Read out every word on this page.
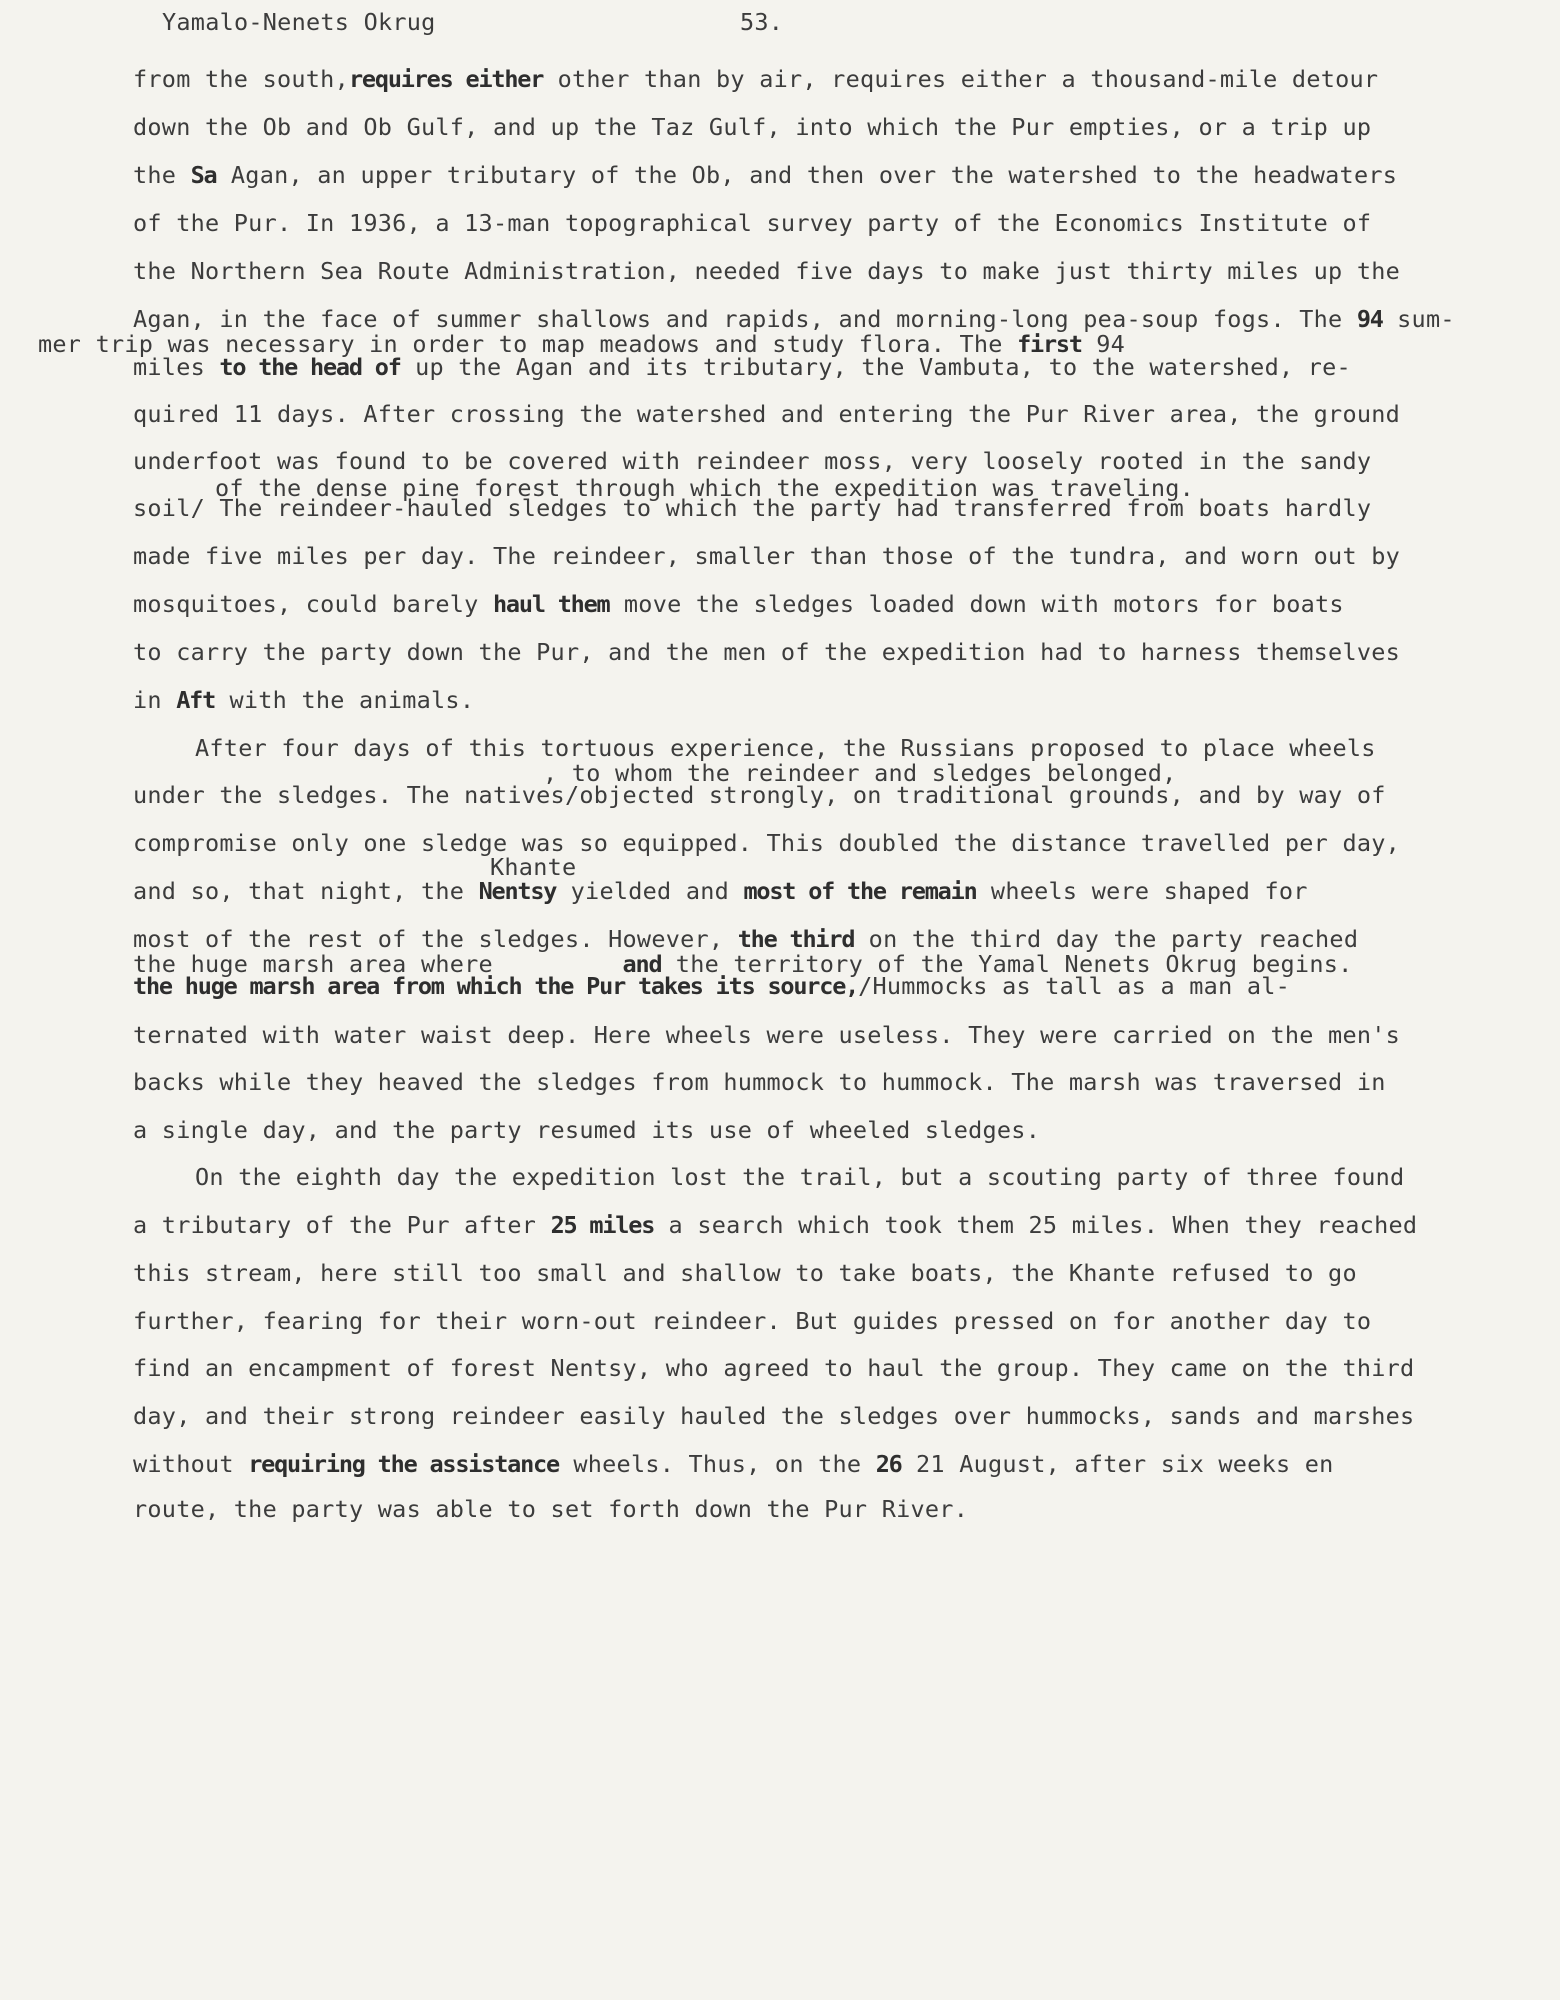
Yamalo-Nenets Okrug	53.
from the south,requires either other than by air, requires either a thousand-mile detour
down the Ob and Ob Gulf, and up the Taz Gulf, into which the Pur empties, or a trip up
the Sa Agan, an upper tributary of the Ob, and then over the watershed to the headwaters
of the Pur. In 1936, a 13-man topographical survey party of the Economics Institute of
the Northern Sea Route Administration, needed five days to make just thirty miles up the
Agan, in the face of summer shallows and rapids, and morning-long pea-soup fogs. The 94 sum-
mer trip was necessary in order to map meadows and study flora. The first 94
miles to the head of up the Agan and its tributary, the Vambuta, to the watershed, re-
quired 11 days. After crossing the watershed and entering the Pur River area, the ground
underfoot was found to be covered with reindeer moss, very loosely rooted in the sandy
of the dense pine forest through which the expedition was traveling.
soil/ The reindeer-hauled sledges to which the party had transferred from boats hardly
made five miles per day. The reindeer, smaller than those of the tundra, and worn out by
mosquitoes, could barely haul them move the sledges loaded down with motors for boats
to carry the party down the Pur, and the men of the expedition had to harness themselves
in Aft with the animals.
After four days of this tortuous experience, the Russians proposed to place wheels
, to whom the reindeer and sledges belonged,
under the sledges. The natives/objected strongly, on traditional grounds, and by way of
compromise only one sledge was so equipped. This doubled the distance travelled per day,
Khante
and so, that night, the Nentsy yielded and most of the remain wheels were shaped for
most of the rest of the sledges. However, the third on the third day the party reached
the huge marsh area where         and the territory of the Yamal Nenets Okrug begins.
the huge marsh area from which the Pur takes its source,/Hummocks as tall as a man al-
ternated with water waist deep. Here wheels were useless. They were carried on the men's
backs while they heaved the sledges from hummock to hummock. The marsh was traversed in
a single day, and the party resumed its use of wheeled sledges.
On the eighth day the expedition lost the trail, but a scouting party of three found
a tributary of the Pur after 25 miles a search which took them 25 miles. When they reached
this stream, here still too small and shallow to take boats, the Khante refused to go
further, fearing for their worn-out reindeer. But guides pressed on for another day to
find an encampment of forest Nentsy, who agreed to haul the group. They came on the third
day, and their strong reindeer easily hauled the sledges over hummocks, sands and marshes
without requiring the assistance wheels. Thus, on the 26 21 August, after six weeks en
route, the party was able to set forth down the Pur River.
